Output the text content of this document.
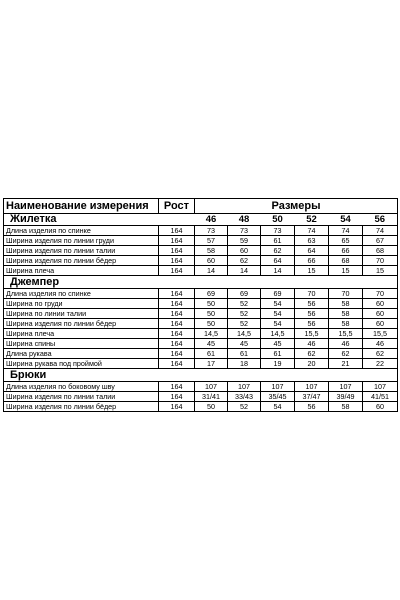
Наименование измерения	Рост	Размеры					
Жилетка		46	48	50	52	54	56
Длина изделия по спинке	164	73	73	73	74	74	74
Ширина изделия по линии груди	164	57	59	61	63	65	67
Ширина изделия по линии талии	164	58	60	62	64	66	68
Ширина изделия по линии бёдер	164	60	62	64	66	68	70
Ширина плеча	164	14	14	14	15	15	15
Джемпер							
Длина изделия по спинке	164	69	69	69	70	70	70
Ширина по груди	164	50	52	54	56	58	60
Ширина по линии талии	164	50	52	54	56	58	60
Ширина изделия по линии бёдер	164	50	52	54	56	58	60
Ширина плеча	164	14,5	14,5	14,5	15,5	15,5	15,5
Ширина спины	164	45	45	45	46	46	46
Длина рукава	164	61	61	61	62	62	62
Ширина рукава под проймой	164	17	18	19	20	21	22
Брюки							
Длина изделия по боковому шву	164	107	107	107	107	107	107
Ширина изделия по линии талии	164	31/41	33/43	35/45	37/47	39/49	41/51
Ширина изделия по линии бёдер	164	50	52	54	56	58	60
